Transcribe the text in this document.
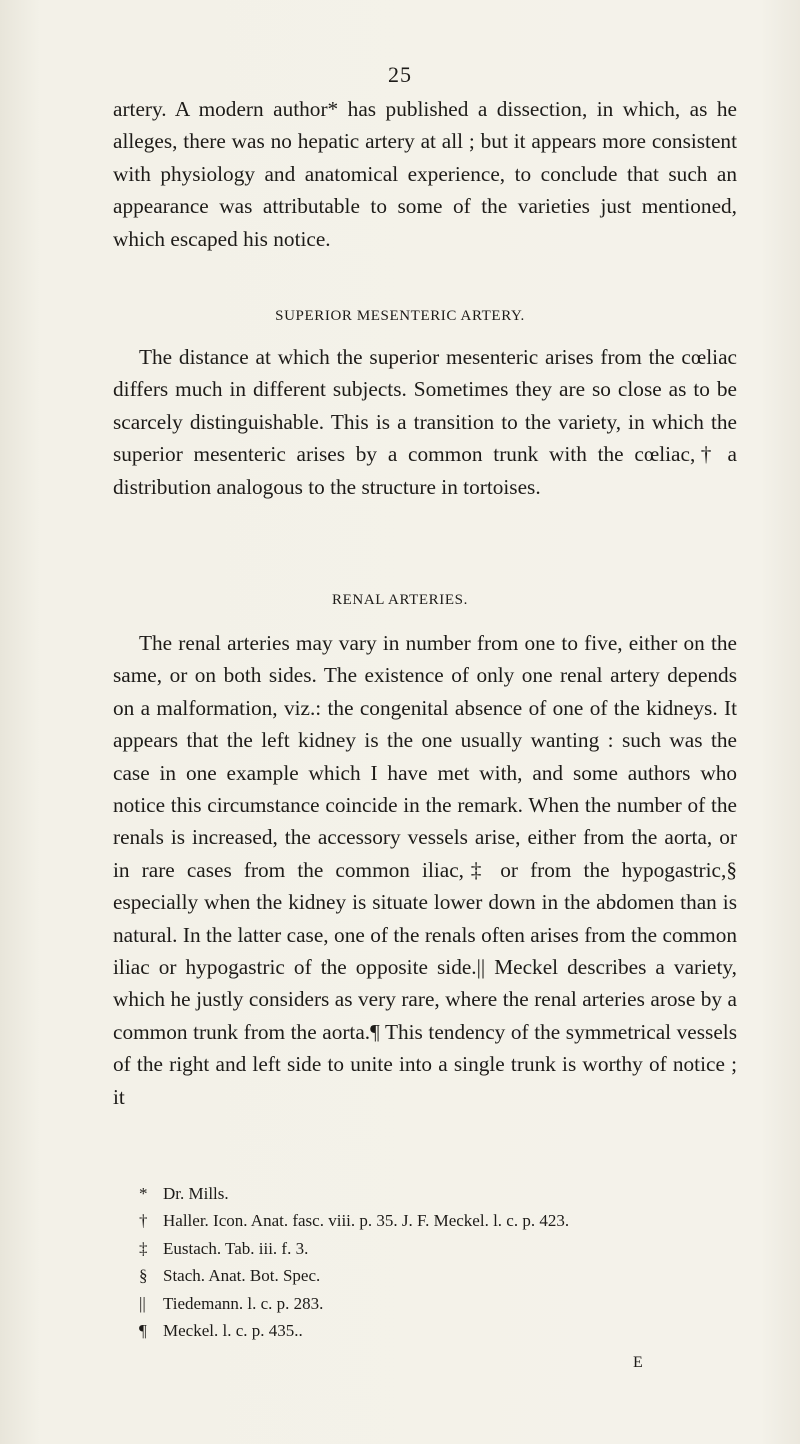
25

artery. A modern author* has published a dissection, in which, as he alleges, there was no hepatic artery at all ; but it appears more consistent with physiology and anatomical experience, to conclude that such an appearance was attributable to some of the varieties just mentioned, which escaped his notice.

SUPERIOR MESENTERIC ARTERY.

The distance at which the superior mesenteric arises from the cœliac differs much in different subjects. Sometimes they are so close as to be scarcely distinguishable. This is a transition to the variety, in which the superior mesenteric arises by a common trunk with the cœliac,† a distribution analogous to the structure in tortoises.

RENAL ARTERIES.

The renal arteries may vary in number from one to five, either on the same, or on both sides. The existence of only one renal artery depends on a malformation, viz.: the congenital absence of one of the kidneys. It appears that the left kidney is the one usually wanting : such was the case in one example which I have met with, and some authors who notice this circumstance coincide in the remark. When the number of the renals is increased, the accessory vessels arise, either from the aorta, or in rare cases from the common iliac,‡ or from the hypogastric,§ especially when the kidney is situate lower down in the abdomen than is natural. In the latter case, one of the renals often arises from the common iliac or hypogastric of the opposite side.|| Meckel describes a variety, which he justly considers as very rare, where the renal arteries arose by a common trunk from the aorta.¶ This tendency of the symmetrical vessels of the right and left side to unite into a single trunk is worthy of notice ; it

* Dr. Mills.
† Haller. Icon. Anat. fasc. viii. p. 35. J. F. Meckel. l. c. p. 423.
‡ Eustach. Tab. iii. f. 3.
§ Stach. Anat. Bot. Spec.
|| Tiedemann. l. c. p. 283.
¶ Meckel. l. c. p. 435..
E
